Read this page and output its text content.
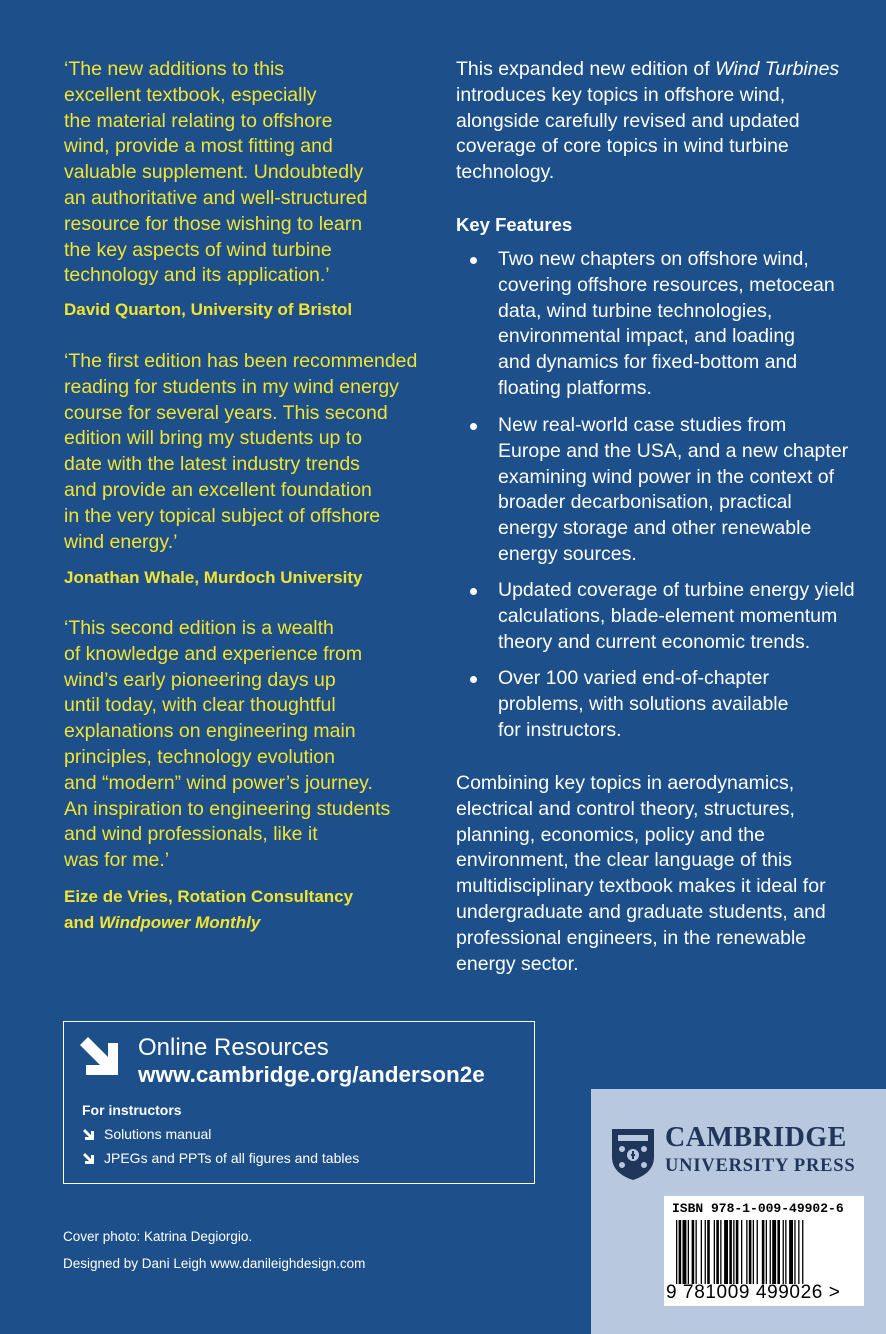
‘The new additions to this
excellent textbook, especially
the material relating to offshore
wind, provide a most fitting and
valuable supplement. Undoubtedly
an authoritative and well-structured
resource for those wishing to learn
the key aspects of wind turbine
technology and its application.’
David Quarton, University of Bristol
‘The first edition has been recommended
reading for students in my wind energy
course for several years. This second
edition will bring my students up to
date with the latest industry trends
and provide an excellent foundation
in the very topical subject of offshore
wind energy.’
Jonathan Whale, Murdoch University
‘This second edition is a wealth
of knowledge and experience from
wind’s early pioneering days up
until today, with clear thoughtful
explanations on engineering main
principles, technology evolution
and “modern” wind power’s journey.
An inspiration to engineering students
and wind professionals, like it
was for me.’
Eize de Vries, Rotation Consultancy
and Windpower Monthly
This expanded new edition of Wind Turbines
introduces key topics in offshore wind,
alongside carefully revised and updated
coverage of core topics in wind turbine
technology.
Key Features
Two new chapters on offshore wind,
covering offshore resources, metocean
data, wind turbine technologies,
environmental impact, and loading
and dynamics for fixed-bottom and
floating platforms.
New real-world case studies from
Europe and the USA, and a new chapter
examining wind power in the context of
broader decarbonisation, practical
energy storage and other renewable
energy sources.
Updated coverage of turbine energy yield
calculations, blade-element momentum
theory and current economic trends.
Over 100 varied end-of-chapter
problems, with solutions available
for instructors.
Combining key topics in aerodynamics,
electrical and control theory, structures,
planning, economics, policy and the
environment, the clear language of this
multidisciplinary textbook makes it ideal for
undergraduate and graduate students, and
professional engineers, in the renewable
energy sector.
Online Resources
www.cambridge.org/anderson2e
For instructors
Solutions manual
JPEGs and PPTs of all figures and tables
Cover photo: Katrina Degiorgio.
Designed by Dani Leigh www.danileighdesign.com
CAMBRIDGE
UNIVERSITY PRESS
ISBN 978-1-009-49902-6
9 781009 499026 >
